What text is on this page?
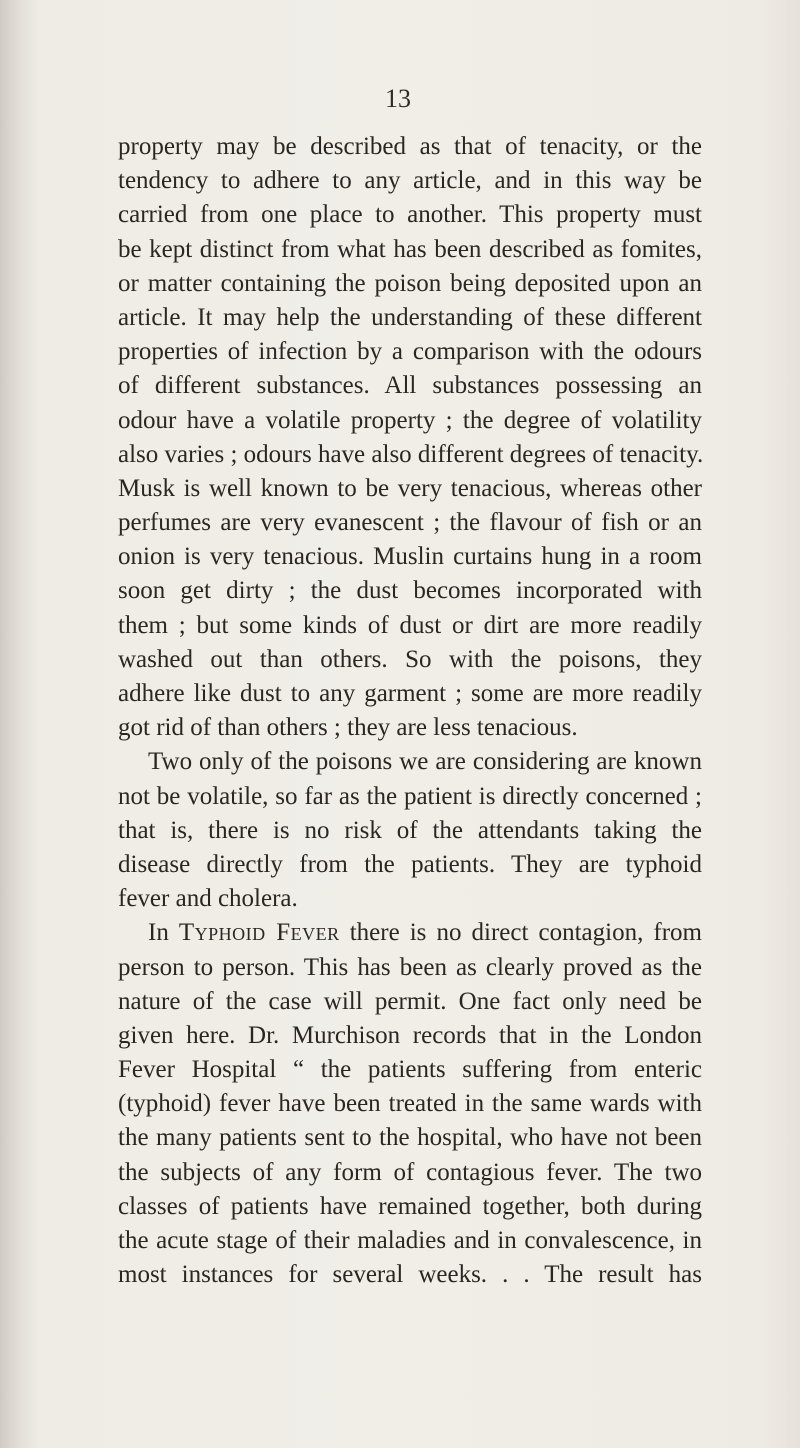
13
property may be described as that of tenacity, or the
tendency to adhere to any article, and in this way be
carried from one place to another. This property must
be kept distinct from what has been described as fomites,
or matter containing the poison being deposited upon an
article. It may help the understanding of these different
properties of infection by a comparison with the odours
of different substances. All substances possessing an
odour have a volatile property ; the degree of volatility
also varies ; odours have also different degrees of tenacity.
Musk is well known to be very tenacious, whereas other
perfumes are very evanescent ; the flavour of fish or an
onion is very tenacious. Muslin curtains hung in a room
soon get dirty ; the dust becomes incorporated with
them ; but some kinds of dust or dirt are more readily
washed out than others. So with the poisons, they
adhere like dust to any garment ; some are more readily
got rid of than others ; they are less tenacious.
Two only of the poisons we are considering are known
not be volatile, so far as the patient is directly concerned ;
that is, there is no risk of the attendants taking the
disease directly from the patients. They are typhoid
fever and cholera.
In Typhoid Fever there is no direct contagion, from
person to person. This has been as clearly proved as the
nature of the case will permit. One fact only need be
given here. Dr. Murchison records that in the London
Fever Hospital “ the patients suffering from enteric
(typhoid) fever have been treated in the same wards with
the many patients sent to the hospital, who have not been
the subjects of any form of contagious fever. The two
classes of patients have remained together, both during
the acute stage of their maladies and in convalescence, in
most instances for several weeks. . . The result has
